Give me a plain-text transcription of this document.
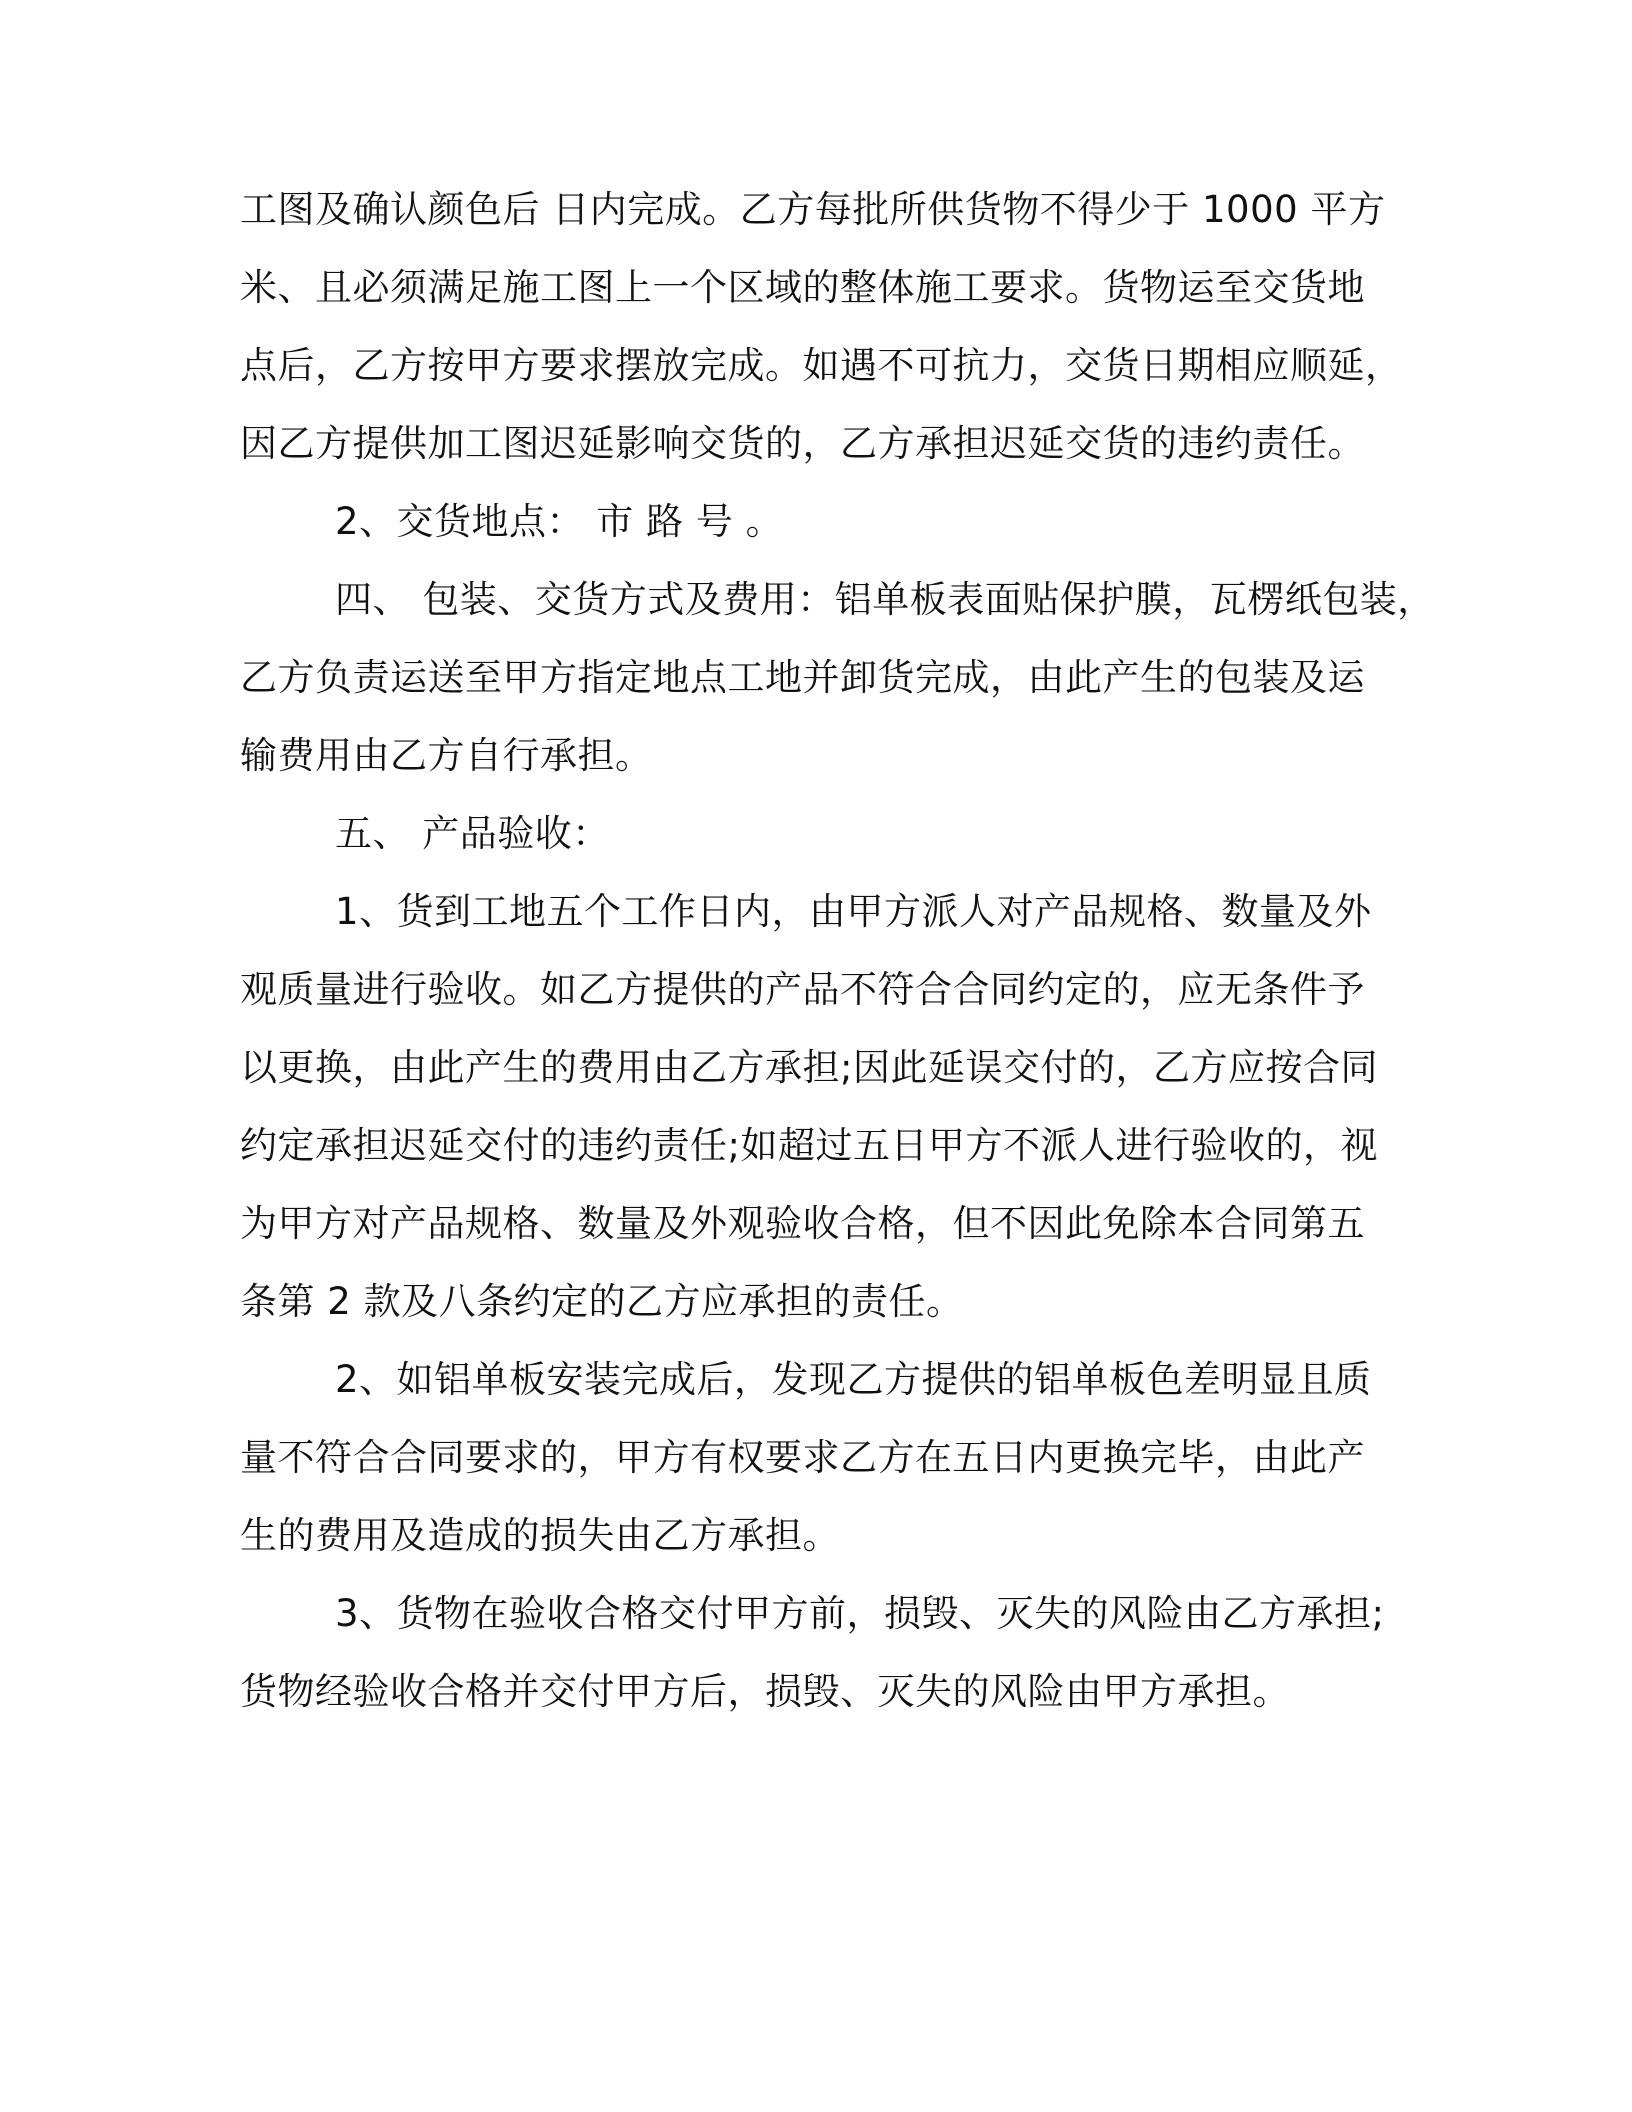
工图及确认颜色后 日内完成。乙方每批所供货物不得少于 1000 平方
米、且必须满足施工图上一个区域的整体施工要求。货物运至交货地
点后，乙方按甲方要求摆放完成。如遇不可抗力，交货日期相应顺延，
因乙方提供加工图迟延影响交货的，乙方承担迟延交货的违约责任。
2、交货地点： 市 路 号 。
四、 包装、交货方式及费用：铝单板表面贴保护膜，瓦楞纸包装，
乙方负责运送至甲方指定地点工地并卸货完成，由此产生的包装及运
输费用由乙方自行承担。
五、 产品验收：
1、货到工地五个工作日内，由甲方派人对产品规格、数量及外
观质量进行验收。如乙方提供的产品不符合合同约定的，应无条件予
以更换，由此产生的费用由乙方承担;因此延误交付的，乙方应按合同
约定承担迟延交付的违约责任;如超过五日甲方不派人进行验收的，视
为甲方对产品规格、数量及外观验收合格，但不因此免除本合同第五
条第 2 款及八条约定的乙方应承担的责任。
2、如铝单板安装完成后，发现乙方提供的铝单板色差明显且质
量不符合合同要求的，甲方有权要求乙方在五日内更换完毕，由此产
生的费用及造成的损失由乙方承担。
3、货物在验收合格交付甲方前，损毁、灭失的风险由乙方承担;
货物经验收合格并交付甲方后，损毁、灭失的风险由甲方承担。
